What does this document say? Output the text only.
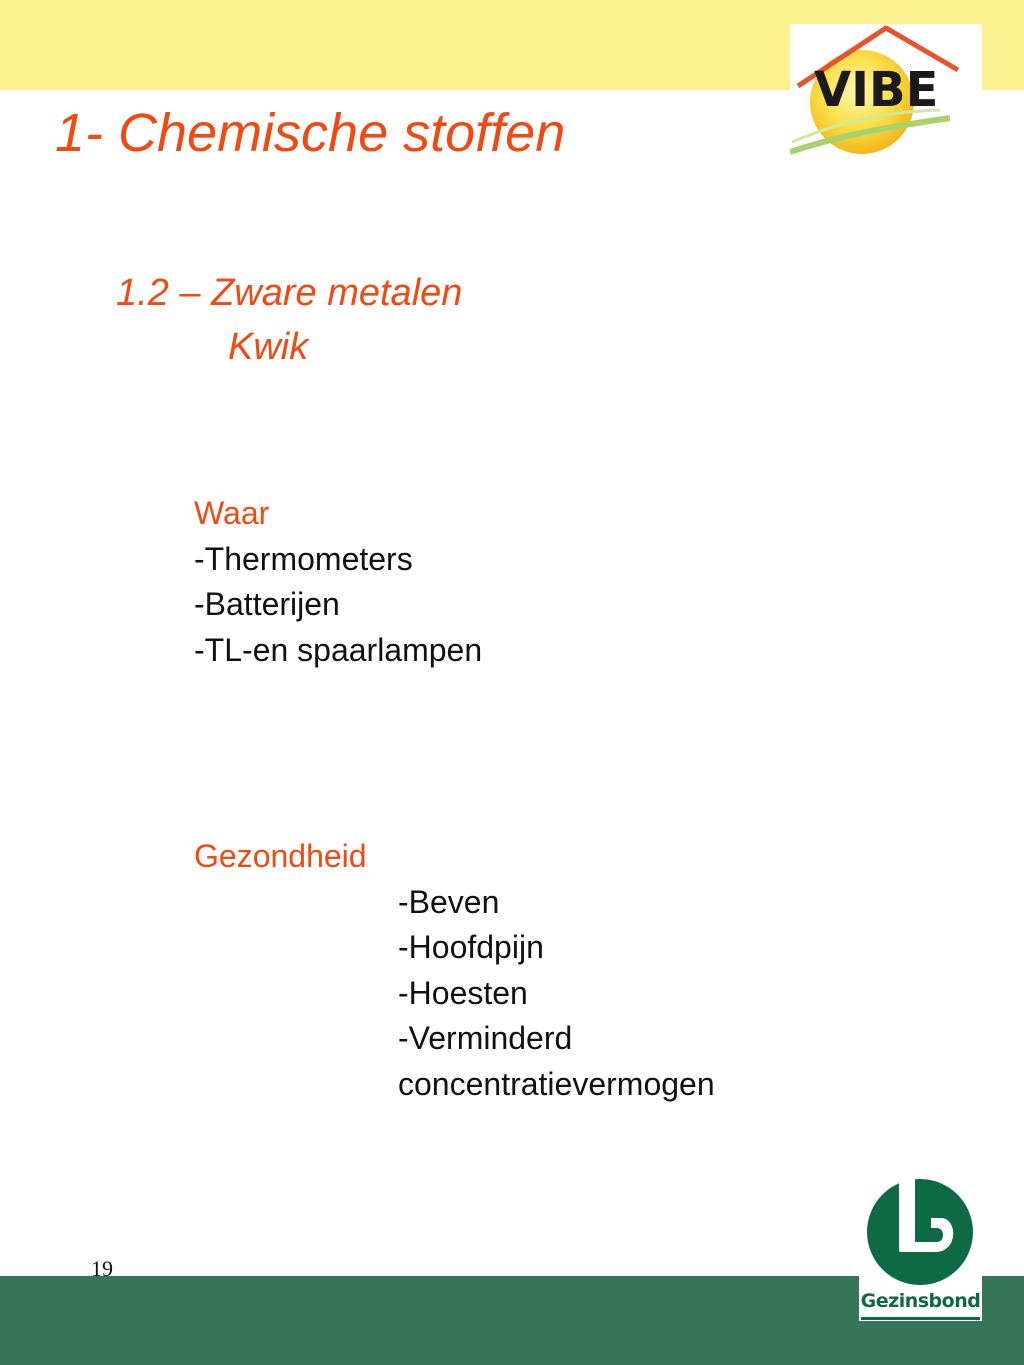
VIBE
1- Chemische stoffen
1.2 – Zware metalen
Kwik
Waar
-Thermometers
-Batterijen
-TL-en spaarlampen
Gezondheid
-Beven
-Hoofdpijn
-Hoesten
-Verminderd
concentratievermogen
19
Gezinsbond
